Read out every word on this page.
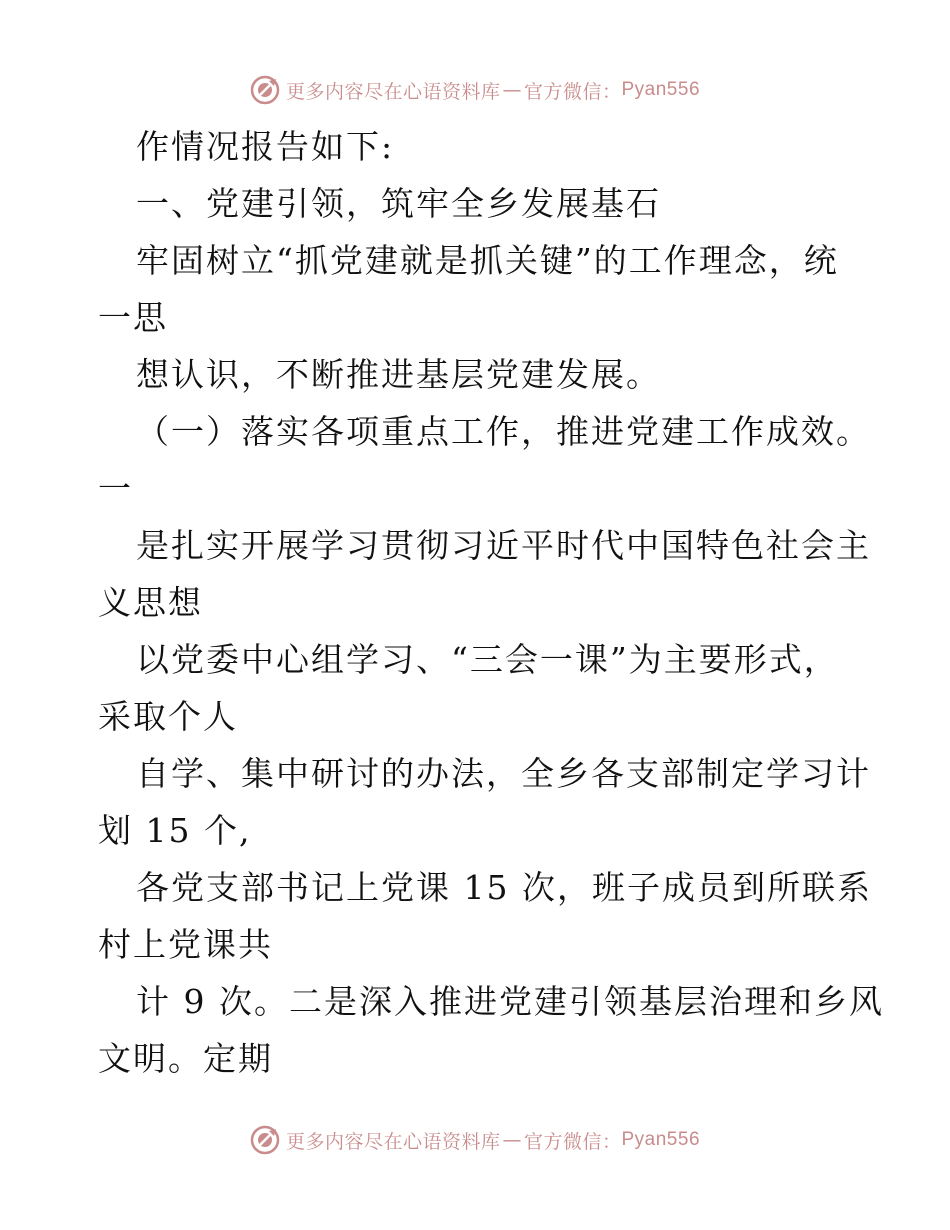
更多内容尽在心语资料库 — 官方微信： Pyan556
作情况报告如下:
一、党建引领，筑牢全乡发展基石
牢固树立“抓党建就是抓关键”的工作理念，统
一思
想认识，不断推进基层党建发展。
（一）落实各项重点工作，推进党建工作成效。
一
是扎实开展学习贯彻习近平时代中国特色社会主
义思想
以党委中心组学习、“三会一课”为主要形式，
采取个人
自学、集中研讨的办法，全乡各支部制定学习计
划 15 个,
各党支部书记上党课 15 次，班子成员到所联系
村上党课共
计 9 次。二是深入推进党建引领基层治理和乡风
文明。定期
更多内容尽在心语资料库 — 官方微信： Pyan556
